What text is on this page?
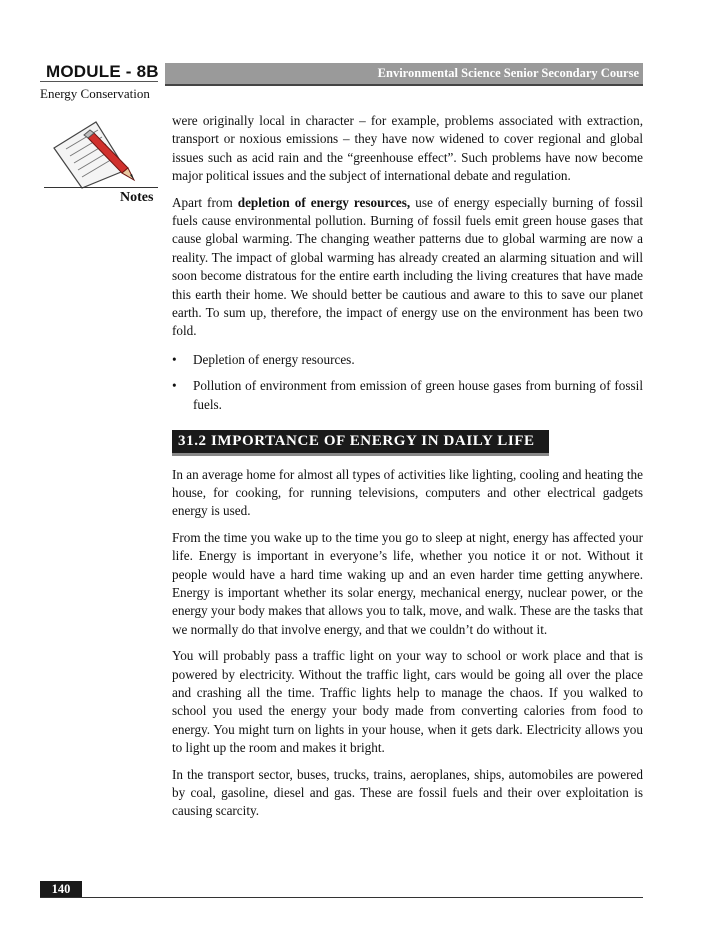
MODULE - 8B
Energy Conservation
Environmental Science Senior Secondary Course
Notes

were originally local in character – for example, problems associated with extraction, transport or noxious emissions – they have now widened to cover regional and global issues such as acid rain and the “greenhouse effect”. Such problems have now become major political issues and the subject of international debate and regulation.

Apart from depletion of energy resources, use of energy especially burning of fossil fuels cause environmental pollution. Burning of fossil fuels emit green house gases that cause global warming. The changing weather patterns due to global warming are now a reality. The impact of global warming has already created an alarming situation and will soon become distratous for the entire earth including the living creatures that have made this earth their home. We should better be cautious and aware to this to save our planet earth. To sum up, therefore, the impact of energy use on the environment has been two fold.

• Depletion of energy resources.
• Pollution of environment from emission of green house gases from burning of fossil fuels.
31.2 IMPORTANCE OF ENERGY IN DAILY LIFE

In an average home for almost all types of activities like lighting, cooling and heating the house, for cooking, for running televisions, computers and other electrical gadgets energy is used.

From the time you wake up to the time you go to sleep at night, energy has affected your life. Energy is important in everyone’s life, whether you notice it or not. Without it people would have a hard time waking up and an even harder time getting anywhere. Energy is important whether its solar energy, mechanical energy, nuclear power, or the energy your body makes that allows you to talk, move, and walk. These are the tasks that we normally do that involve energy, and that we couldn’t do without it.

You will probably pass a traffic light on your way to school or work place and that is powered by electricity. Without the traffic light, cars would be going all over the place and crashing all the time. Traffic lights help to manage the chaos. If you walked to school you used the energy your body made from converting calories from food to energy. You might turn on lights in your house, when it gets dark. Electricity allows you to light up the room and makes it bright.

In the transport sector, buses, trucks, trains, aeroplanes, ships, automobiles are powered by coal, gasoline, diesel and gas. These are fossil fuels and their over exploitation is causing scarcity.

140
